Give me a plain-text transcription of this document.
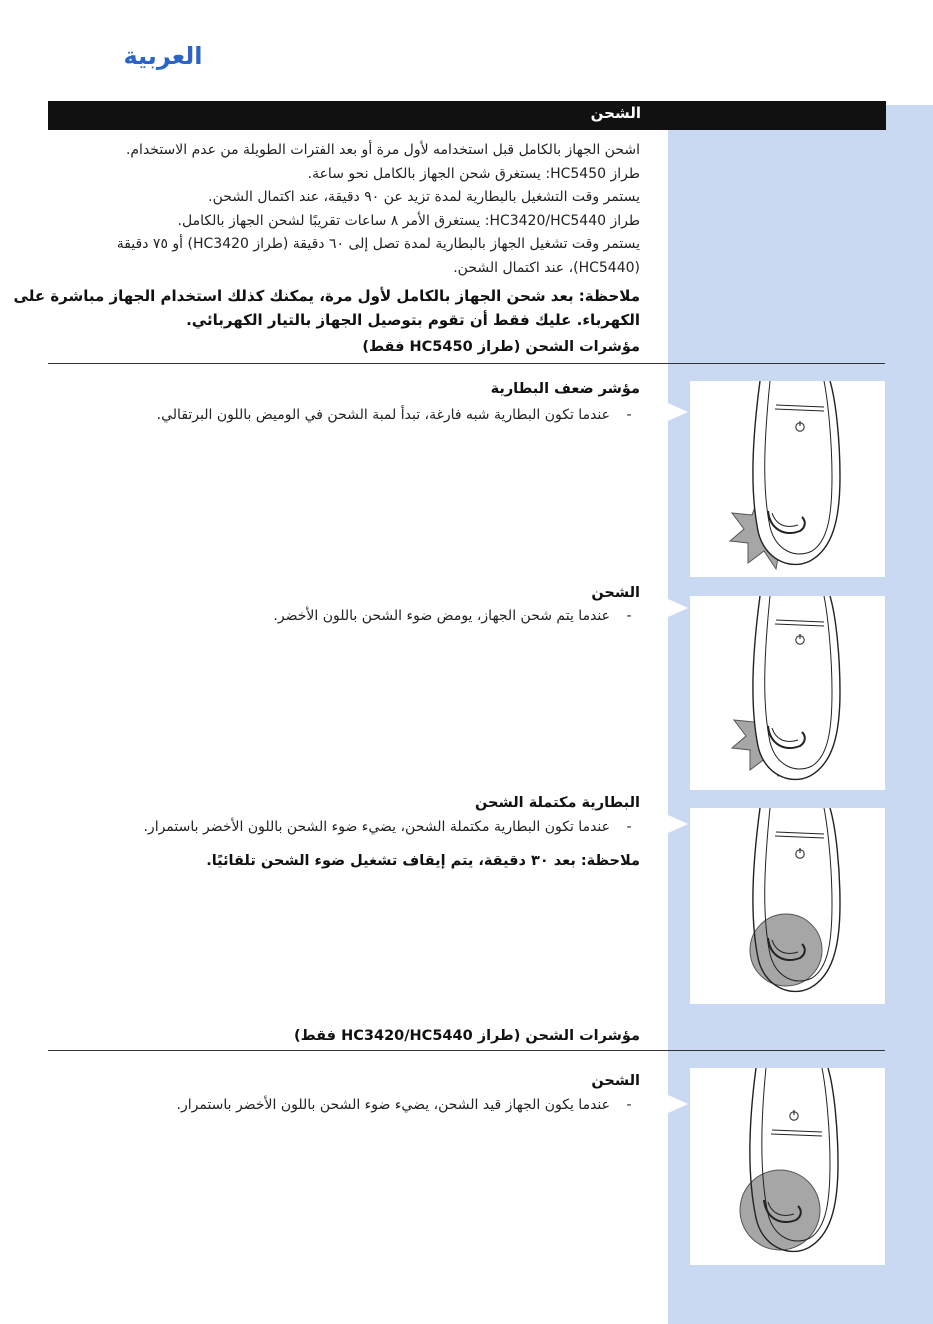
العربية
الشحن
اشحن الجهاز بالكامل قبل استخدامه لأول مرة أو بعد الفترات الطويلة من عدم الاستخدام.
طراز HC5450: يستغرق شحن الجهاز بالكامل نحو ساعة.
يستمر وقت التشغيل بالبطارية لمدة تزيد عن ٩٠ دقيقة، عند اكتمال الشحن.
طراز HC3420/HC5440: يستغرق الأمر ٨ ساعات تقريبًا لشحن الجهاز بالكامل.
يستمر وقت تشغيل الجهاز بالبطارية لمدة تصل إلى ٦٠ دقيقة (طراز HC3420) أو ٧٥ دقيقة
(HC5440)، عند اكتمال الشحن.
ملاحظة: بعد شحن الجهاز بالكامل لأول مرة، يمكنك كذلك استخدام الجهاز مباشرة على
الكهرباء. عليك فقط أن تقوم بتوصيل الجهاز بالتيار الكهربائي.
مؤشرات الشحن (طراز HC5450 فقط)
مؤشر ضعف البطارية
-عندما تكون البطارية شبه فارغة، تبدأ لمبة الشحن في الوميض باللون البرتقالي.
الشحن
-عندما يتم شحن الجهاز، يومض ضوء الشحن باللون الأخضر.
البطارية مكتملة الشحن
-عندما تكون البطارية مكتملة الشحن، يضيء ضوء الشحن باللون الأخضر باستمرار.
ملاحظة: بعد ٣٠ دقيقة، يتم إيقاف تشغيل ضوء الشحن تلقائيًا.
مؤشرات الشحن (طراز HC3420/HC5440 فقط)
الشحن
-عندما يكون الجهاز قيد الشحن، يضيء ضوء الشحن باللون الأخضر باستمرار.
